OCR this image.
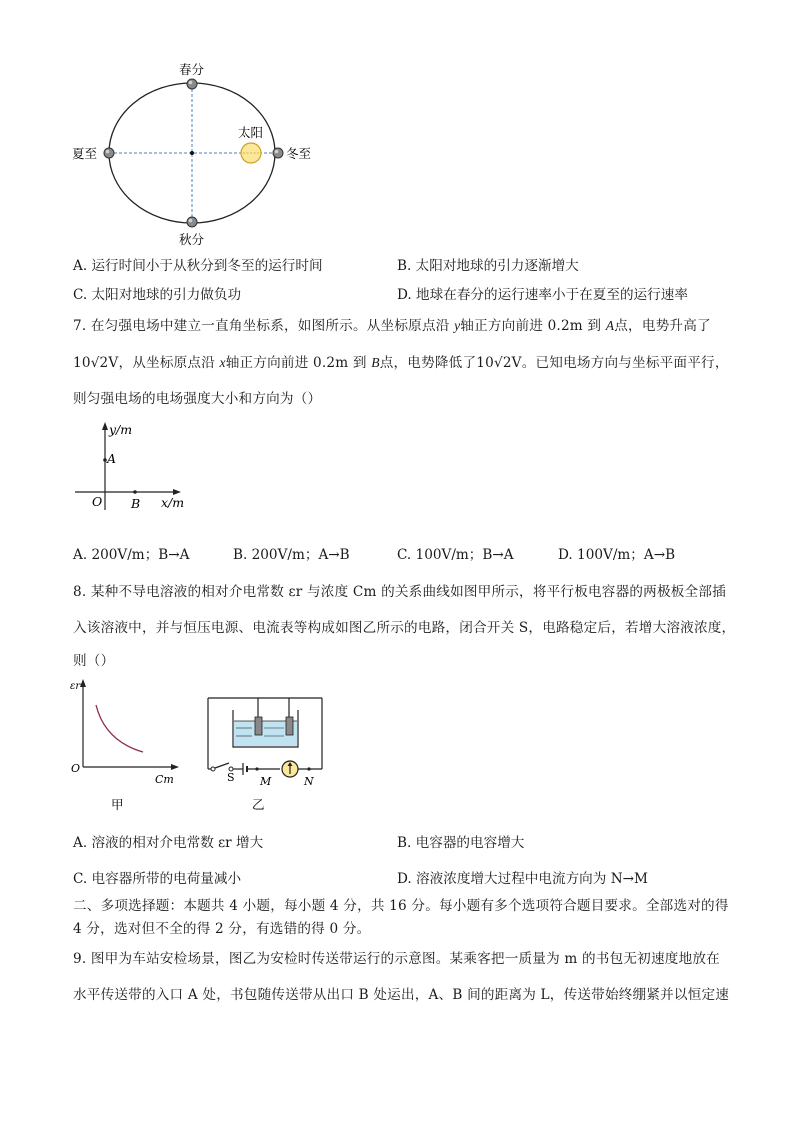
春分
秋分
夏至	冬至
太阳
A. 运行时间小于从秋分到冬至的运行时间	B. 太阳对地球的引力逐渐增大
C. 太阳对地球的引力做负功	D. 地球在春分的运行速率小于在夏至的运行速率
7. 在匀强电场中建立一直角坐标系，如图所示。从坐标原点沿 y轴正方向前进 0.2m 到 A点，电势升高了
10√2V，从坐标原点沿 x轴正方向前进 0.2m 到 B点，电势降低了10√2V。已知电场方向与坐标平面平行，
则匀强电场的电场强度大小和方向为（）
y/m
x/m
A
O B
A. 200V/m；B→A	B. 200V/m；A→B	C. 100V/m；B→A	D. 100V/m；A→B
8. 某种不导电溶液的相对介电常数 εr 与浓度 Cm 的关系曲线如图甲所示，将平行板电容器的两极板全部插
入该溶液中，并与恒压电源、电流表等构成如图乙所示的电路，闭合开关 S，电路稳定后，若增大溶液浓度，
则（）
εr
Cm
O
甲
S M	N
乙
A. 溶液的相对介电常数 εr 增大	B. 电容器的电容增大
C. 电容器所带的电荷量减小	D. 溶液浓度增大过程中电流方向为 N→M
二、多项选择题：本题共 4 小题，每小题 4 分，共 16 分。每小题有多个选项符合题目要求。全部选对的得
4 分，选对但不全的得 2 分，有选错的得 0 分。
9. 图甲为车站安检场景，图乙为安检时传送带运行的示意图。某乘客把一质量为 m 的书包无初速度地放在
水平传送带的入口 A 处，书包随传送带从出口 B 处运出，A、B 间的距离为 L，传送带始终绷紧并以恒定速
